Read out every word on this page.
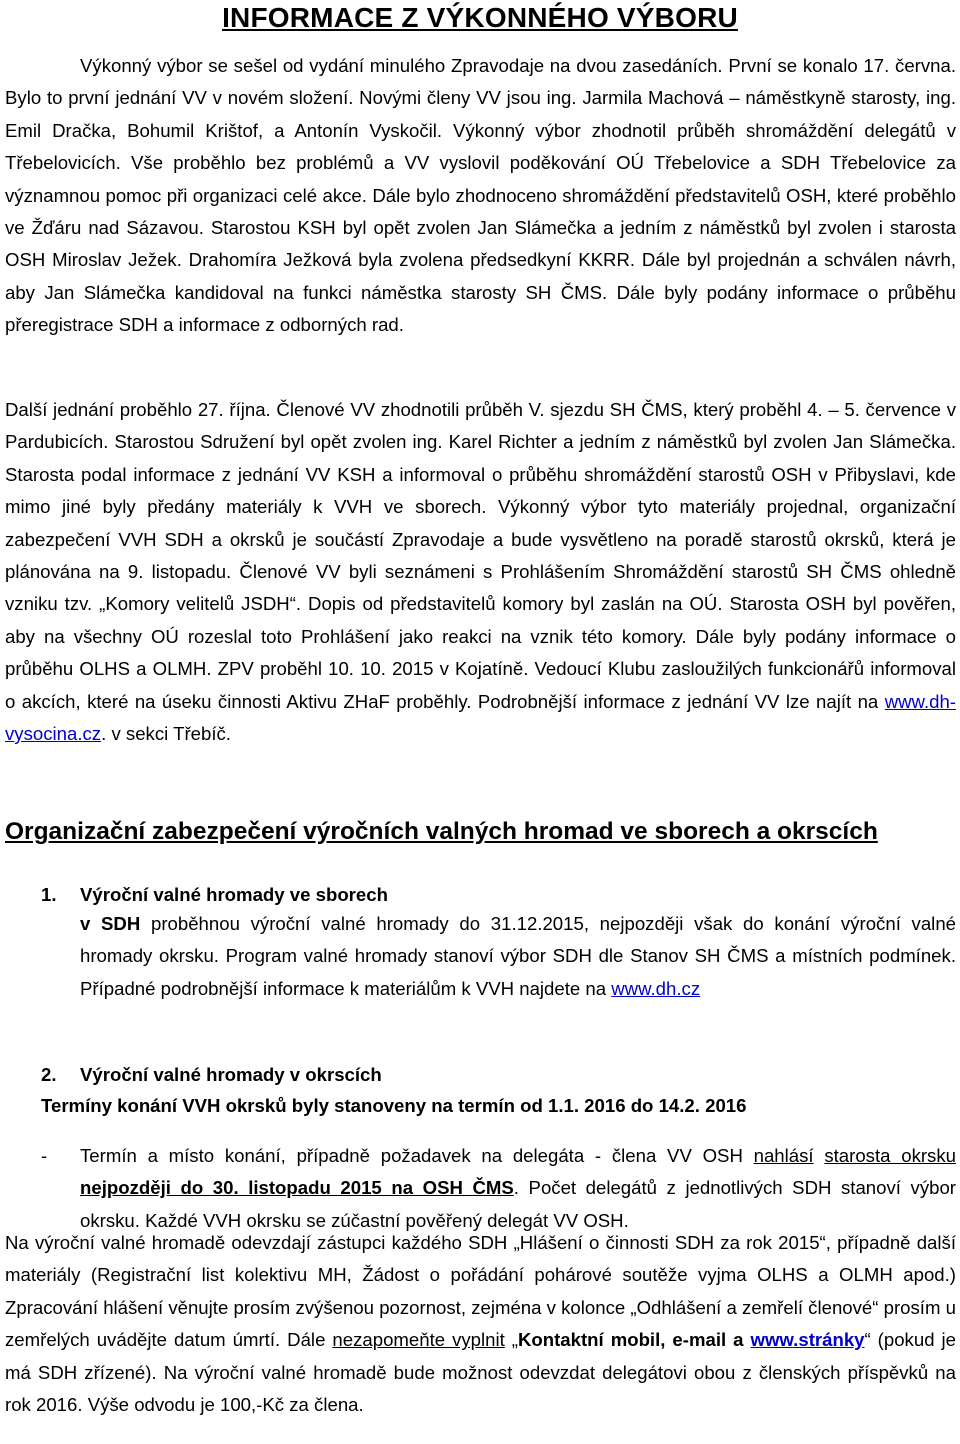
INFORMACE Z VÝKONNÉHO VÝBORU

Výkonný výbor se sešel od vydání minulého Zpravodaje na dvou zasedáních. První se konalo 17. června. Bylo to první jednání VV v novém složení. Novými členy VV jsou ing. Jarmila Machová – náměstkyně starosty, ing. Emil Dračka, Bohumil Krištof, a Antonín Vyskočil. Výkonný výbor zhodnotil průběh shromáždění delegátů v Třebelovicích. Vše proběhlo bez problémů a VV vyslovil poděkování OÚ Třebelovice a SDH Třebelovice za významnou pomoc při organizaci celé akce. Dále bylo zhodnoceno shromáždění představitelů OSH, které proběhlo ve Žďáru nad Sázavou. Starostou KSH byl opět zvolen Jan Slámečka a jedním z náměstků byl zvolen i starosta OSH Miroslav Ježek. Drahomíra Ježková byla zvolena předsedkyní KKRR. Dále byl projednán a schválen návrh, aby Jan Slámečka kandidoval na funkci náměstka starosty SH ČMS. Dále byly podány informace o průběhu přeregistrace SDH a informace z odborných rad.

Další jednání proběhlo 27. října. Členové VV zhodnotili průběh V. sjezdu SH ČMS, který proběhl 4. – 5. července v Pardubicích. Starostou Sdružení byl opět zvolen ing. Karel Richter a jedním z náměstků byl zvolen Jan Slámečka. Starosta podal informace z jednání VV KSH a informoval o průběhu shromáždění starostů OSH v Přibyslavi, kde mimo jiné byly předány materiály k VVH ve sborech. Výkonný výbor tyto materiály projednal, organizační zabezpečení VVH SDH a okrsků je součástí Zpravodaje a bude vysvětleno na poradě starostů okrsků, která je plánována na 9. listopadu. Členové VV byli seznámeni s Prohlášením Shromáždění starostů SH ČMS ohledně vzniku tzv. „Komory velitelů JSDH“. Dopis od představitelů komory byl zaslán na OÚ. Starosta OSH byl pověřen, aby na všechny OÚ rozeslal toto Prohlášení jako reakci na vznik této komory. Dále byly podány informace o průběhu OLHS a OLMH. ZPV proběhl 10. 10. 2015 v Kojatíně. Vedoucí Klubu zasloužilých funkcionářů informoval o akcích, které na úseku činnosti Aktivu ZHaF proběhly. Podrobnější informace z jednání VV lze najít na www.dh-vysocina.cz. v sekci Třebíč.

Organizační zabezpečení výročních valných hromad ve sborech a okrscích
1. Výroční valné hromady ve sborech

v SDH proběhnou výroční valné hromady do 31.12.2015, nejpozději však do konání výroční valné hromady okrsku. Program valné hromady stanoví výbor SDH dle Stanov SH ČMS a místních podmínek. Případné podrobnější informace k materiálům k VVH najdete na www.dh.cz

2. Výroční valné hromady v okrscích
Termíny konání VVH okrsků byly stanoveny na termín od 1.1. 2016 do 14.2. 2016
- Termín a místo konání, případně požadavek na delegáta - člena VV OSH nahlásí starosta okrsku nejpozději do 30. listopadu 2015 na OSH ČMS. Počet delegátů z jednotlivých SDH stanoví výbor okrsku. Každé VVH okrsku se zúčastní pověřený delegát VV OSH.

Na výroční valné hromadě odevzdají zástupci každého SDH „Hlášení o činnosti SDH za rok 2015“, případně další materiály (Registrační list kolektivu MH, Žádost o pořádání pohárové soutěže vyjma OLHS a OLMH apod.) Zpracování hlášení věnujte prosím zvýšenou pozornost, zejména v kolonce „Odhlášení a zemřelí členové“ prosím u zemřelých uvádějte datum úmrtí. Dále nezapomeňte vyplnit „Kontaktní mobil, e-mail a www.stránky“ (pokud je má SDH zřízené). Na výroční valné hromadě bude možnost odevzdat delegátovi obou z členských příspěvků na rok 2016. Výše odvodu je 100,-Kč za člena.
